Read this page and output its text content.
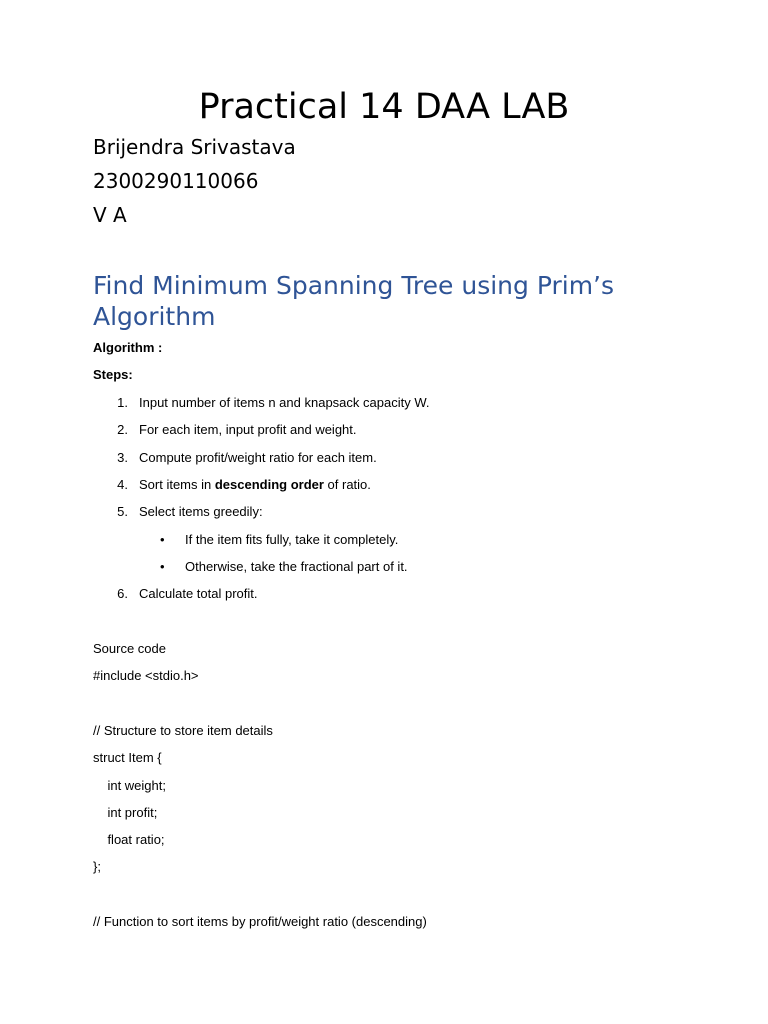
Practical 14 DAA LAB
Brijendra Srivastava
2300290110066
V A
Find Minimum Spanning Tree using Prim’s Algorithm
Algorithm :
Steps:
1. Input number of items n and knapsack capacity W.
2. For each item, input profit and weight.
3. Compute profit/weight ratio for each item.
4. Sort items in descending order of ratio.
5. Select items greedily:
• If the item fits fully, take it completely.
• Otherwise, take the fractional part of it.
6. Calculate total profit.
Source code
#include <stdio.h>
// Structure to store item details
struct Item {
int weight;
int profit;
float ratio;
};
// Function to sort items by profit/weight ratio (descending)
